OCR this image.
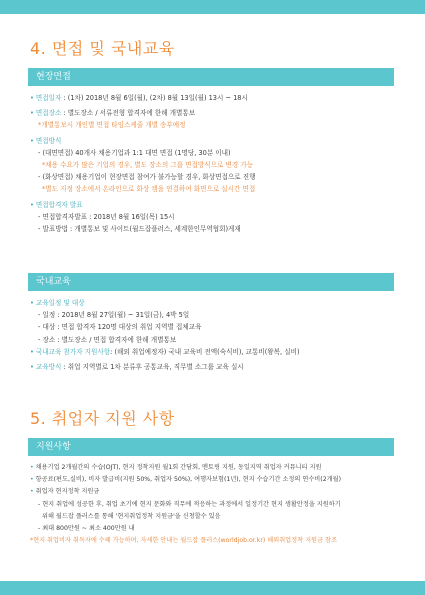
4. 면접 및 국내교육
현장면접
• 면접일자 : (1차) 2018년 8월 6일(월), (2차) 8월 13일(월) 13시 ~ 18시
• 면접장소 : 별도장소 / 서류전형 합격자에 한해 개별통보
*개별통보시 개인별 면접 타임스케줄 개별 송부예정
• 면접방식
- (대면면접) 40개사 채용기업과 1:1 대면 면접 (1명당, 30분 이내)
*채용 수요가 많은 기업의 경우, 별도 장소의 그룹 면접방식으로 변경 가능
- (화상면접) 채용기업이 현장면접 참여가 불가능할 경우, 화상면접으로 진행
*별도 지정 장소에서 온라인으로 화상 캠을 연결하여 화면으로 실시간 면접
• 면접합격자 발표
- 면접합격자발표 : 2018년 8월 16일(목) 15시
- 발표방법 : 개별통보 및 사이트(월드잡플러스, 세계한인무역협회)게재
국내교육
• 교육일정 및 대상
- 일정 : 2018년 8월 27일(월) ~ 31일(금), 4박 5일
- 대상 : 면접 합격자 120명 대상의 취업 지역별 집체교육
- 장소 : 별도장소 / 면접 합격자에 한해 개별통보
• 국내교육 참가자 지원사항: (해외 취업예정자) 국내 교육비 전액(숙식비), 교통비(왕복, 실비)
• 교육방식 : 취업 지역별로 1차 분류후 공통교육, 직무별 소그룹 교육 실시
5. 취업자 지원 사항
지원사항
• 채용기업 2개월간의 수습(OJT), 현지 정착지원 월1회 간담회, 멘토링 지원, 동일지역 취업자 커뮤니티 지원
• 항공료(편도,실비), 비자 발급비(지원 50%, 취업자 50%), 여행자보험(1년), 현지 수습기간 소정의 연수비(2개월)
• 취업자 현지정착 지원금
- 현지 취업에 성공한 후, 취업 초기에 현지 문화와 직무에 적응하는 과정에서 일정기간 현지 생활안정을 지원하기
위해 월드잡 플러스를 통해 '현지취업정착 지원금'을 신청할수 있음
- 최대 800만원 ~ 최소 400만원 내
*현지 취업비자 취득자에 수혜 가능하며, 자세한 안내는 월드잡 플러스(worldjob.or.kr) 해외취업정착 지원금 참조
